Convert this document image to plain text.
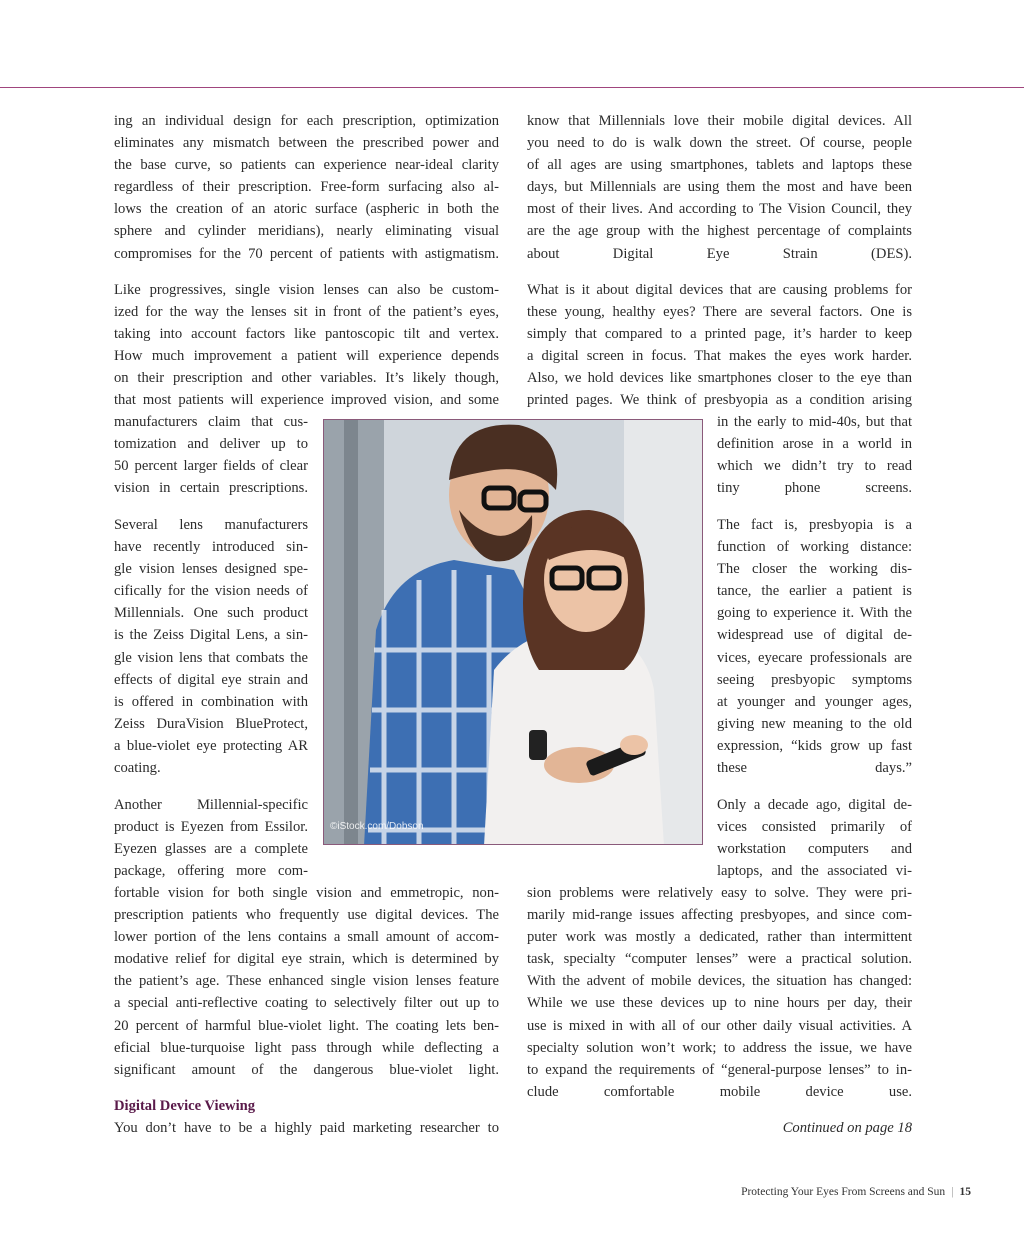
ing an individual design for each prescription, optimization
eliminates any mismatch between the prescribed power and
the base curve, so patients can experience near-ideal clarity
regardless of their prescription. Free-form surfacing also al-
lows the creation of an atoric surface (aspheric in both the
sphere and cylinder meridians), nearly eliminating visual
compromises for the 70 percent of patients with astigmatism.
Like progressives, single vision lenses can also be custom-
ized for the way the lenses sit in front of the patient’s eyes,
taking into account factors like pantoscopic tilt and vertex.
How much improvement a patient will experience depends
on their prescription and other variables. It’s likely though,
that most patients will experience improved vision, and some
manufacturers claim that cus-
tomization and deliver up to
50 percent larger fields of clear
vision in certain prescriptions.
Several lens manufacturers
have recently introduced sin-
gle vision lenses designed spe-
cifically for the vision needs of
Millennials. One such product
is the Zeiss Digital Lens, a sin-
gle vision lens that combats the
effects of digital eye strain and
is offered in combination with
Zeiss DuraVision BlueProtect,
a blue-violet eye protecting AR
coating.
Another Millennial-specific
product is Eyezen from Essilor.
Eyezen glasses are a complete
package, offering more com-
fortable vision for both single vision and emmetropic, non-
prescription patients who frequently use digital devices. The
lower portion of the lens contains a small amount of accom-
modative relief for digital eye strain, which is determined by
the patient’s age. These enhanced single vision lenses feature
a special anti-reflective coating to selectively filter out up to
20 percent of harmful blue-violet light. The coating lets ben-
eficial blue-turquoise light pass through while deflecting a
significant amount of the dangerous blue-violet light.
Digital Device Viewing
You don’t have to be a highly paid marketing researcher to
know that Millennials love their mobile digital devices. All
you need to do is walk down the street. Of course, people
of all ages are using smartphones, tablets and laptops these
days, but Millennials are using them the most and have been
most of their lives. And according to The Vision Council, they
are the age group with the highest percentage of complaints
about Digital Eye Strain (DES).
What is it about digital devices that are causing problems for
these young, healthy eyes? There are several factors. One is
simply that compared to a printed page, it’s harder to keep
a digital screen in focus. That makes the eyes work harder.
Also, we hold devices like smartphones closer to the eye than
printed pages. We think of presbyopia as a condition arising
in the early to mid-40s, but that
definition arose in a world in
which we didn’t try to read
tiny phone screens.
The fact is, presbyopia is a
function of working distance:
The closer the working dis-
tance, the earlier a patient is
going to experience it. With the
widespread use of digital de-
vices, eyecare professionals are
seeing presbyopic symptoms
at younger and younger ages,
giving new meaning to the old
expression, “kids grow up fast
these days.”
Only a decade ago, digital de-
vices consisted primarily of
workstation computers and
laptops, and the associated vi-
sion problems were relatively easy to solve. They were pri-
marily mid-range issues affecting presbyopes, and since com-
puter work was mostly a dedicated, rather than intermittent
task, specialty “computer lenses” were a practical solution.
With the advent of mobile devices, the situation has changed:
While we use these devices up to nine hours per day, their
use is mixed in with all of our other daily visual activities. A
specialty solution won’t work; to address the issue, we have
to expand the requirements of “general-purpose lenses” to in-
clude comfortable mobile device use.
Continued on page 18
©iStock.com/Dobson
Protecting Your Eyes From Screens and Sun | 15
